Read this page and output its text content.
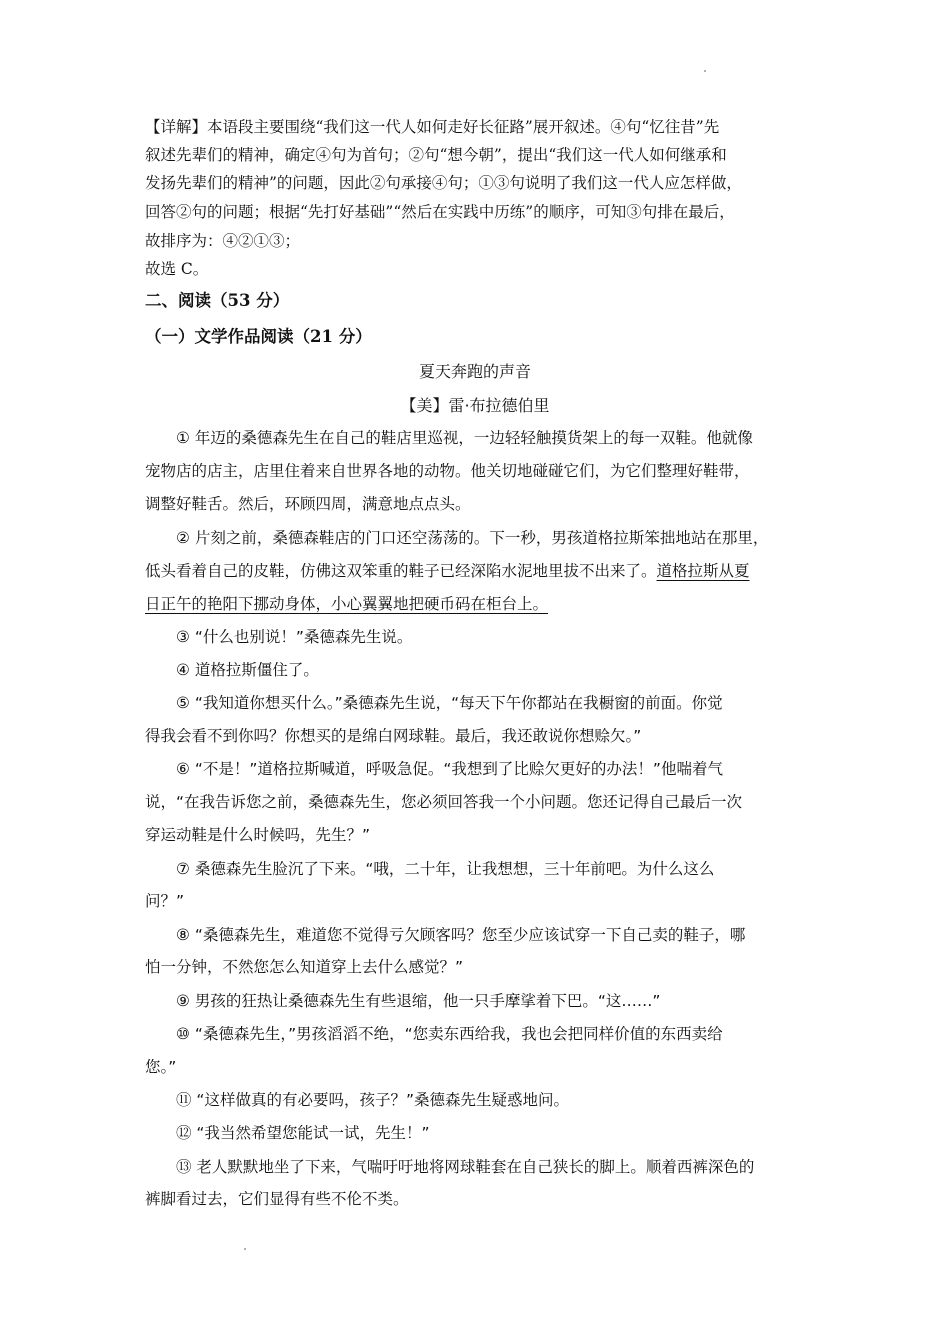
【详解】本语段主要围绕“我们这一代人如何走好长征路”展开叙述。④句“忆往昔”先
叙述先辈们的精神，确定④句为首句；②句“想今朝”，提出“我们这一代人如何继承和
发扬先辈们的精神”的问题，因此②句承接④句；①③句说明了我们这一代人应怎样做，
回答②句的问题；根据“先打好基础”“然后在实践中历练”的顺序，可知③句排在最后，
故排序为：④②①③；
故选 C。
二、阅读（53 分）
（一）文学作品阅读（21 分）
夏天奔跑的声音
【美】雷·布拉德伯里
① 年迈的桑德森先生在自己的鞋店里巡视，一边轻轻触摸货架上的每一双鞋。他就像
宠物店的店主，店里住着来自世界各地的动物。他关切地碰碰它们，为它们整理好鞋带，
调整好鞋舌。然后，环顾四周，满意地点点头。
② 片刻之前，桑德森鞋店的门口还空荡荡的。下一秒，男孩道格拉斯笨拙地站在那里，
低头看着自己的皮鞋，仿佛这双笨重的鞋子已经深陷水泥地里拔不出来了。道格拉斯从夏
日正午的艳阳下挪动身体，小心翼翼地把硬币码在柜台上。
③ “什么也别说！”桑德森先生说。
④ 道格拉斯僵住了。
⑤ “我知道你想买什么。”桑德森先生说，“每天下午你都站在我橱窗的前面。你觉
得我会看不到你吗？你想买的是绵白网球鞋。最后，我还敢说你想赊欠。”
⑥ “不是！”道格拉斯喊道，呼吸急促。“我想到了比赊欠更好的办法！”他喘着气
说，“在我告诉您之前，桑德森先生，您必须回答我一个小问题。您还记得自己最后一次
穿运动鞋是什么时候吗，先生？”
⑦ 桑德森先生脸沉了下来。“哦，二十年，让我想想，三十年前吧。为什么这么
问？”
⑧ “桑德森先生，难道您不觉得亏欠顾客吗？您至少应该试穿一下自己卖的鞋子，哪
怕一分钟，不然您怎么知道穿上去什么感觉？”
⑨ 男孩的狂热让桑德森先生有些退缩，他一只手摩挲着下巴。“这……”
⑩ “桑德森先生，”男孩滔滔不绝，“您卖东西给我，我也会把同样价值的东西卖给
您。”
⑪ “这样做真的有必要吗，孩子？”桑德森先生疑惑地问。
⑫ “我当然希望您能试一试，先生！”
⑬ 老人默默地坐了下来，气喘吁吁地将网球鞋套在自己狭长的脚上。顺着西裤深色的
裤脚看过去，它们显得有些不伦不类。
